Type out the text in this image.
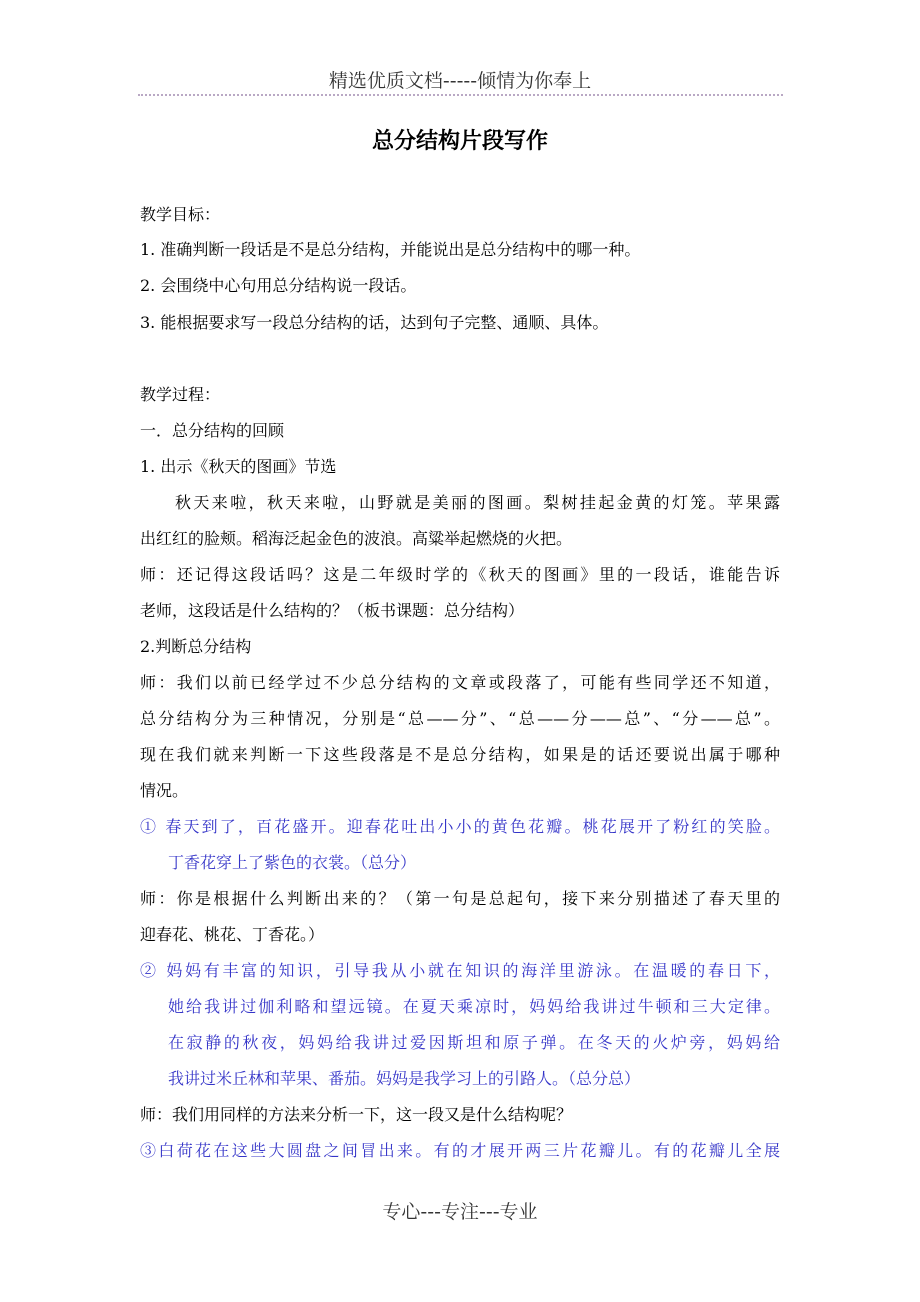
精选优质文档-----倾情为你奉上
总分结构片段写作
教学目标：
1. 准确判断一段话是不是总分结构，并能说出是总分结构中的哪一种。
2. 会围绕中心句用总分结构说一段话。
3. 能根据要求写一段总分结构的话，达到句子完整、通顺、具体。
教学过程：
一．总分结构的回顾
1. 出示《秋天的图画》节选
秋天来啦，秋天来啦，山野就是美丽的图画。梨树挂起金黄的灯笼。苹果露
出红红的脸颊。稻海泛起金色的波浪。高粱举起燃烧的火把。
师：还记得这段话吗？这是二年级时学的《秋天的图画》里的一段话，谁能告诉
老师，这段话是什么结构的？（板书课题：总分结构）
2.判断总分结构
师：我们以前已经学过不少总分结构的文章或段落了，可能有些同学还不知道，
总分结构分为三种情况，分别是“总——分”、“总——分——总”、“分——总”。
现在我们就来判断一下这些段落是不是总分结构，如果是的话还要说出属于哪种
情况。
① 春天到了，百花盛开。迎春花吐出小小的黄色花瓣。桃花展开了粉红的笑脸。
丁香花穿上了紫色的衣裳。（总分）
师：你是根据什么判断出来的？（第一句是总起句，接下来分别描述了春天里的
迎春花、桃花、丁香花。）
② 妈妈有丰富的知识，引导我从小就在知识的海洋里游泳。在温暖的春日下，
她给我讲过伽利略和望远镜。在夏天乘凉时，妈妈给我讲过牛顿和三大定律。
在寂静的秋夜，妈妈给我讲过爱因斯坦和原子弹。在冬天的火炉旁，妈妈给
我讲过米丘林和苹果、番茄。妈妈是我学习上的引路人。（总分总）
师：我们用同样的方法来分析一下，这一段又是什么结构呢？
③白荷花在这些大圆盘之间冒出来。有的才展开两三片花瓣儿。有的花瓣儿全展
专心---专注---专业
